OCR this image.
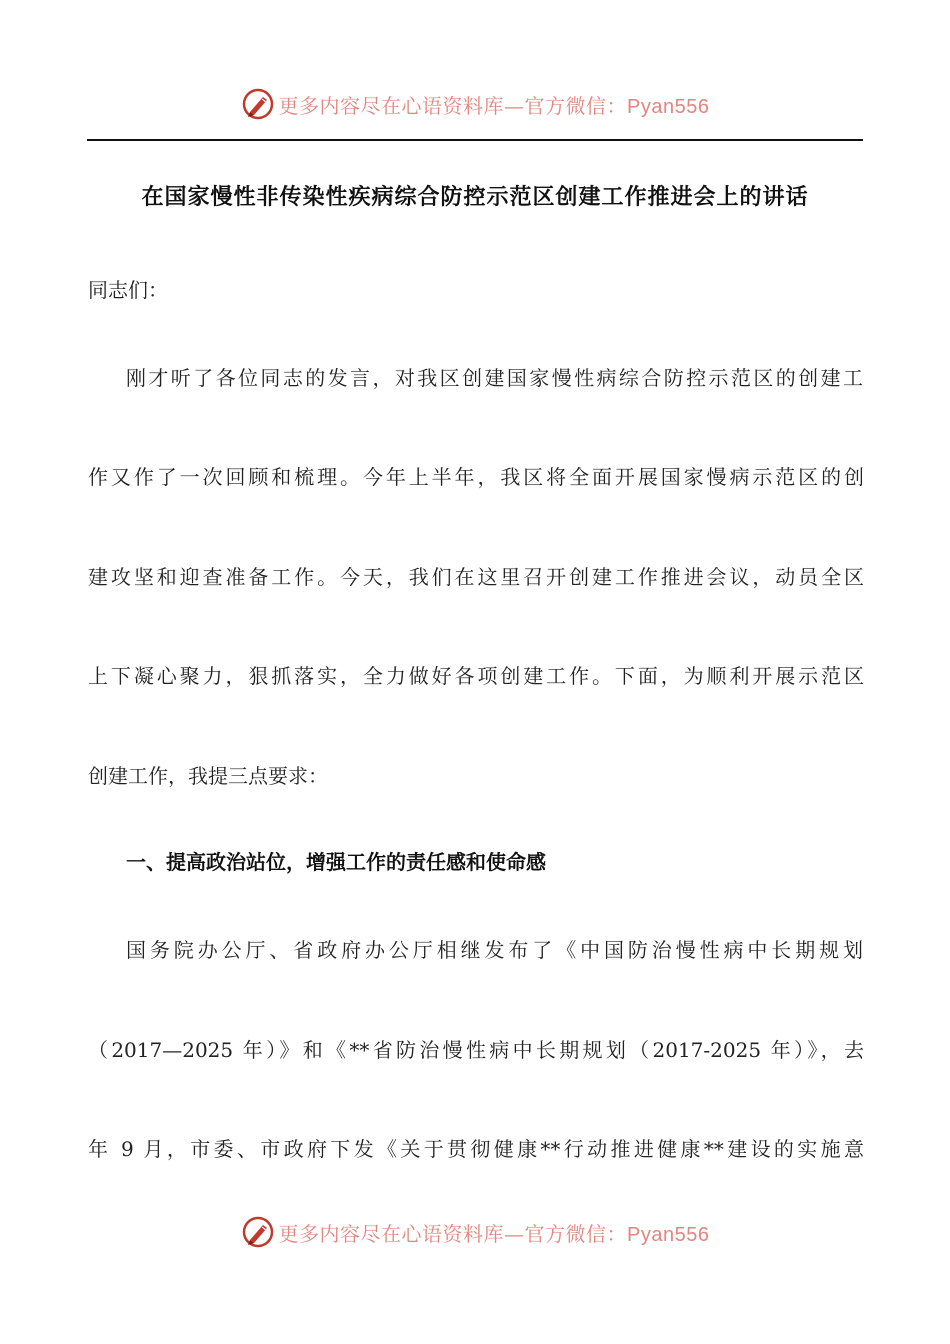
更多内容尽在心语资料库—官方微信：Pyan556
在国家慢性非传染性疾病综合防控示范区创建工作推进会上的讲话
同志们：
刚才听了各位同志的发言，对我区创建国家慢性病综合防控示范区的创建工
作又作了一次回顾和梳理。今年上半年，我区将全面开展国家慢病示范区的创
建攻坚和迎查准备工作。今天，我们在这里召开创建工作推进会议，动员全区
上下凝心聚力，狠抓落实，全力做好各项创建工作。下面，为顺利开展示范区
创建工作，我提三点要求：
一、提高政治站位，增强工作的责任感和使命感
国务院办公厅、省政府办公厅相继发布了《中国防治慢性病中长期规划
（2017—2025 年）》和《**省防治慢性病中长期规划（2017-2025 年）》，去
年 9 月，市委、市政府下发《关于贯彻健康**行动推进健康**建设的实施意
更多内容尽在心语资料库—官方微信：Pyan556
